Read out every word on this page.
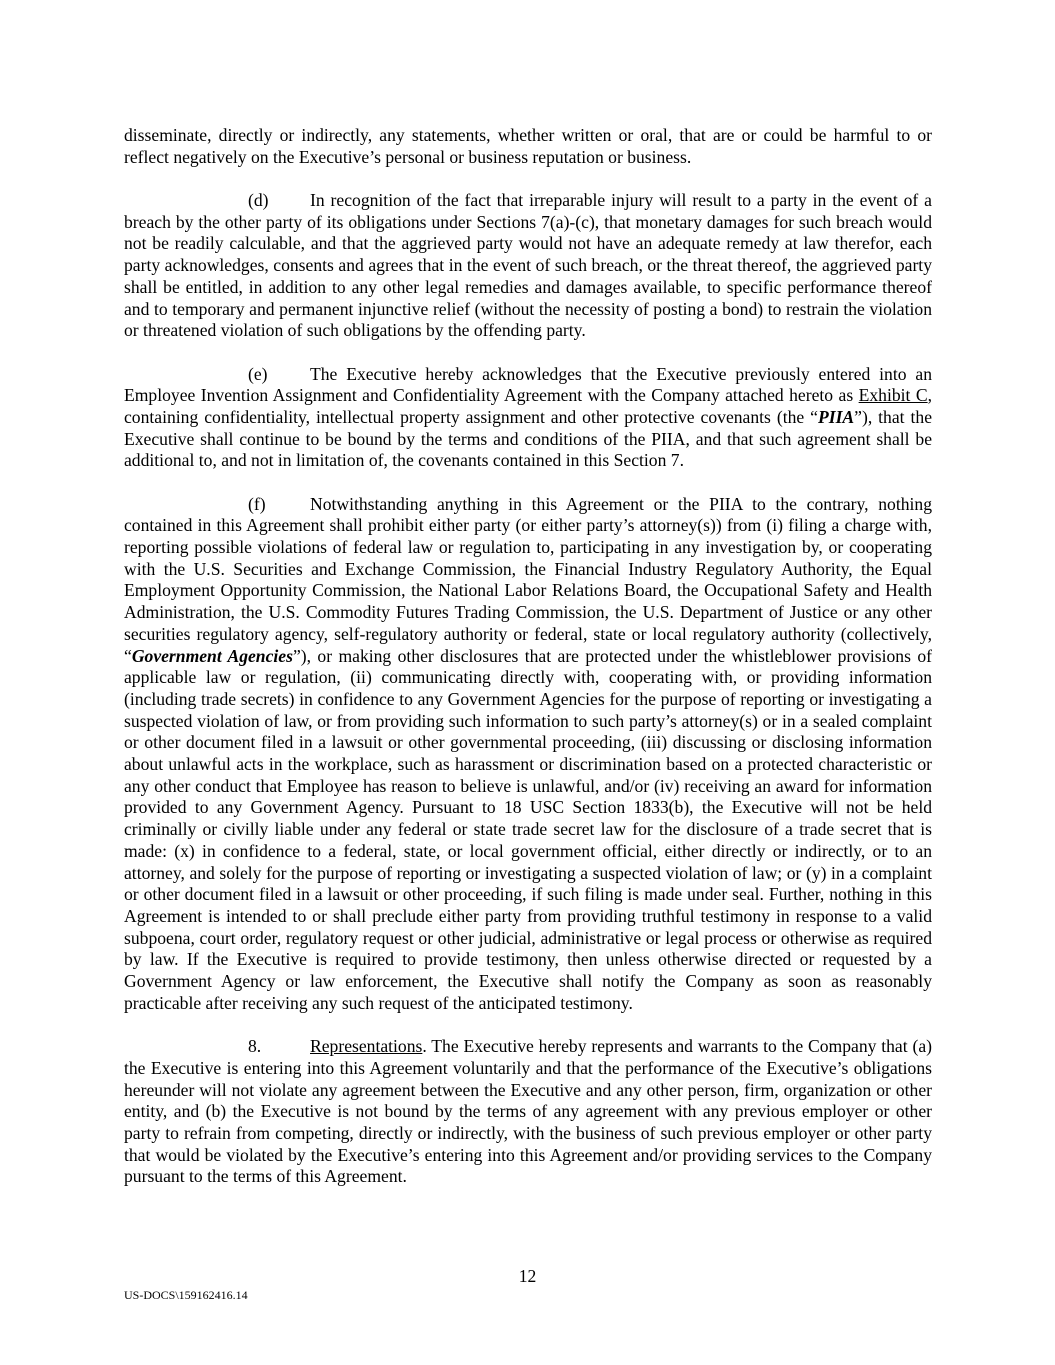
disseminate, directly or indirectly, any statements, whether written or oral, that are or could be harmful to or reflect negatively on the Executive’s personal or business reputation or business.

(d) In recognition of the fact that irreparable injury will result to a party in the event of a breach by the other party of its obligations under Sections 7(a)-(c), that monetary damages for such breach would not be readily calculable, and that the aggrieved party would not have an adequate remedy at law therefor, each party acknowledges, consents and agrees that in the event of such breach, or the threat thereof, the aggrieved party shall be entitled, in addition to any other legal remedies and damages available, to specific performance thereof and to temporary and permanent injunctive relief (without the necessity of posting a bond) to restrain the violation or threatened violation of such obligations by the offending party.

(e) The Executive hereby acknowledges that the Executive previously entered into an Employee Invention Assignment and Confidentiality Agreement with the Company attached hereto as Exhibit C, containing confidentiality, intellectual property assignment and other protective covenants (the “PIIA”), that the Executive shall continue to be bound by the terms and conditions of the PIIA, and that such agreement shall be additional to, and not in limitation of, the covenants contained in this Section 7.

(f)	Notwithstanding anything in this Agreement or the PIIA to the contrary, nothing contained in this Agreement shall prohibit either party (or either party’s attorney(s)) from (i) filing a charge with, reporting possible violations of federal law or regulation to, participating in any investigation by, or cooperating with the U.S. Securities and Exchange Commission, the Financial Industry Regulatory Authority, the Equal Employment Opportunity Commission, the National Labor Relations Board, the Occupational Safety and Health Administration, the U.S. Commodity Futures Trading Commission, the U.S. Department of Justice or any other securities regulatory agency, self-regulatory authority or federal, state or local regulatory authority (collectively, “Government Agencies”), or making other disclosures that are protected under the whistleblower provisions of applicable law or regulation, (ii) communicating directly with, cooperating with, or providing information (including trade secrets) in confidence to any Government Agencies for the purpose of reporting or investigating a suspected violation of law, or from providing such information to such party’s attorney(s) or in a sealed complaint or other document filed in a lawsuit or other governmental proceeding, (iii) discussing or disclosing information about unlawful acts in the workplace, such as harassment or discrimination based on a protected characteristic or any other conduct that Employee has reason to believe is unlawful, and/or (iv) receiving an award for information provided to any Government Agency. Pursuant to 18 USC Section 1833(b), the Executive will not be held criminally or civilly liable under any federal or state trade secret law for the disclosure of a trade secret that is made: (x) in confidence to a federal, state, or local government official, either directly or indirectly, or to an attorney, and solely for the purpose of reporting or investigating a suspected violation of law; or (y) in a complaint or other document filed in a lawsuit or other proceeding, if such filing is made under seal. Further, nothing in this Agreement is intended to or shall preclude either party from providing truthful testimony in response to a valid subpoena, court order, regulatory request or other judicial, administrative or legal process or otherwise as required by law. If the Executive is required to provide testimony, then unless otherwise directed or requested by a Government Agency or law enforcement, the Executive shall notify the Company as soon as reasonably practicable after receiving any such request of the anticipated testimony.

8.	Representations. The Executive hereby represents and warrants to the Company that (a) the Executive is entering into this Agreement voluntarily and that the performance of the Executive’s obligations hereunder will not violate any agreement between the Executive and any other person, firm, organization or other entity, and (b) the Executive is not bound by the terms of any agreement with any previous employer or other party to refrain from competing, directly or indirectly, with the business of such previous employer or other party that would be violated by the Executive’s entering into this Agreement and/or providing services to the Company pursuant to the terms of this Agreement.

12
US-DOCS\159162416.14
